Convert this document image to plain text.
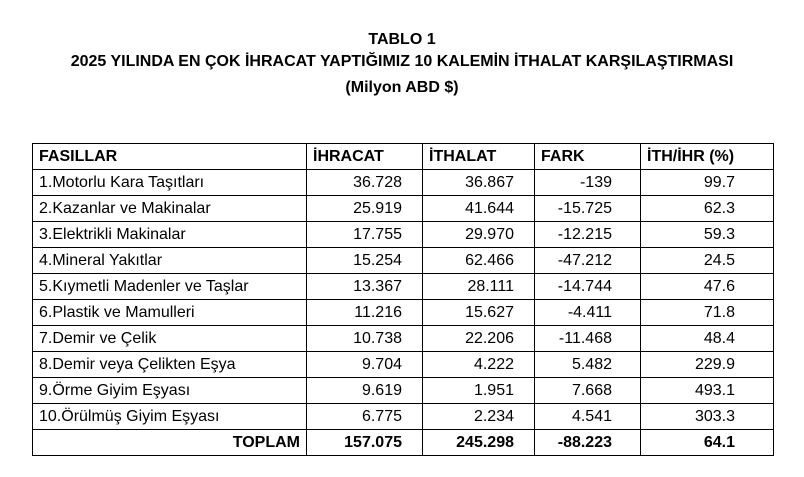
TABLO 1
2025 YILINDA EN ÇOK İHRACAT YAPTIĞIMIZ 10 KALEMİN İTHALAT KARŞILAŞTIRMASI
(Milyon ABD $)
FASILLAR	İHRACAT	İTHALAT	FARK	İTH/İHR (%)
1.Motorlu Kara Taşıtları	36.728	36.867	-139	99.7
2.Kazanlar ve Makinalar	25.919	41.644	-15.725	62.3
3.Elektrikli Makinalar	17.755	29.970	-12.215	59.3
4.Mineral Yakıtlar	15.254	62.466	-47.212	24.5
5.Kıymetli Madenler ve Taşlar	13.367	28.111	-14.744	47.6
6.Plastik ve Mamulleri	11.216	15.627	-4.411	71.8
7.Demir ve Çelik	10.738	22.206	-11.468	48.4
8.Demir veya Çelikten Eşya	9.704	4.222	5.482	229.9
9.Örme Giyim Eşyası	9.619	1.951	7.668	493.1
10.Örülmüş Giyim Eşyası	6.775	2.234	4.541	303.3
TOPLAM	157.075	245.298	-88.223	64.1
